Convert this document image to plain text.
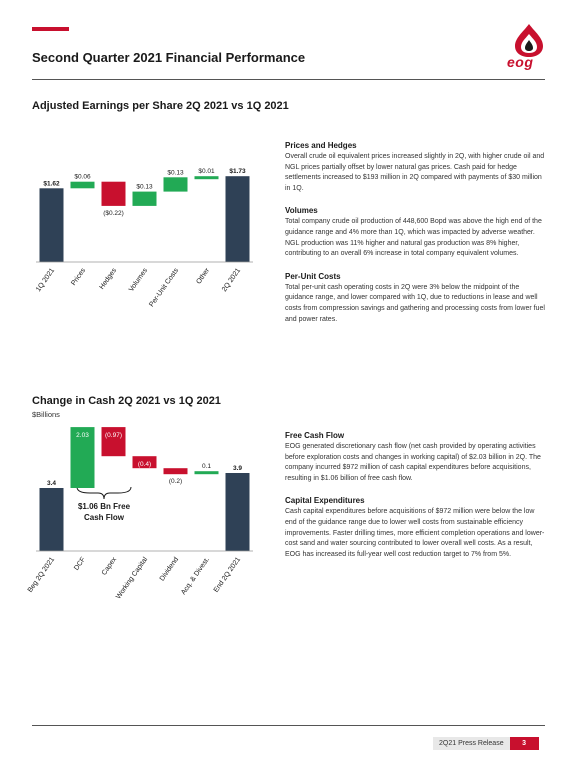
Second Quarter 2021 Financial Performance	eog
Adjusted Earnings per Share 2Q 2021 vs 1Q 2021
$1.62
1Q 2021
$0.06
Prices
($0.22)
Hedges
$0.13
Volumes
$0.13
Per-Unit Costs
$0.01
Other
$1.73
2Q 2021
Prices and Hedges

Overall crude oil equivalent prices increased slightly in 2Q, with higher crude oil and NGL prices partially offset by lower natural gas prices. Cash paid for hedge settlements increased to $193 million in 2Q compared with payments of $30 million in 1Q.

Volumes

Total company crude oil production of 448,600 Bopd was above the high end of the guidance range and 4% more than 1Q, which was impacted by adverse weather. NGL production was 11% higher and natural gas production was 8% higher, contributing to an overall 6% increase in total company equivalent volumes.

Per-Unit Costs

Total per-unit cash operating costs in 2Q were 3% below the midpoint of the guidance range, and lower compared with 1Q, due to reductions in lease and well costs from compression savings and gathering and processing costs from lower fuel and power rates.

Change in Cash 2Q 2021 vs 1Q 2021
$Billions
$1.06 Bn Free
Cash Flow
3.4
Beg 2Q 2021
2.03
DCF
(0.97)
Capex
(0.4)
Working Capital
(0.2)
Dividend
0.1
Acq. & Divest.
3.9
End 2Q 2021
Free Cash Flow

EOG generated discretionary cash flow (net cash provided by operating activities before exploration costs and changes in working capital) of $2.03 billion in 2Q. The company incurred $972 million of cash capital expenditures before acquisitions, resulting in $1.06 billion of free cash flow.

Capital Expenditures

Cash capital expenditures before acquisitions of $972 million were below the low end of the guidance range due to lower well costs from sustainable efficiency improvements. Faster drilling times, more efficient completion operations and lower-cost sand and water sourcing contributed to lower overall well costs. As a result, EOG has increased its full-year well cost reduction target to 7% from 5%.

2Q21 Press Release	3
